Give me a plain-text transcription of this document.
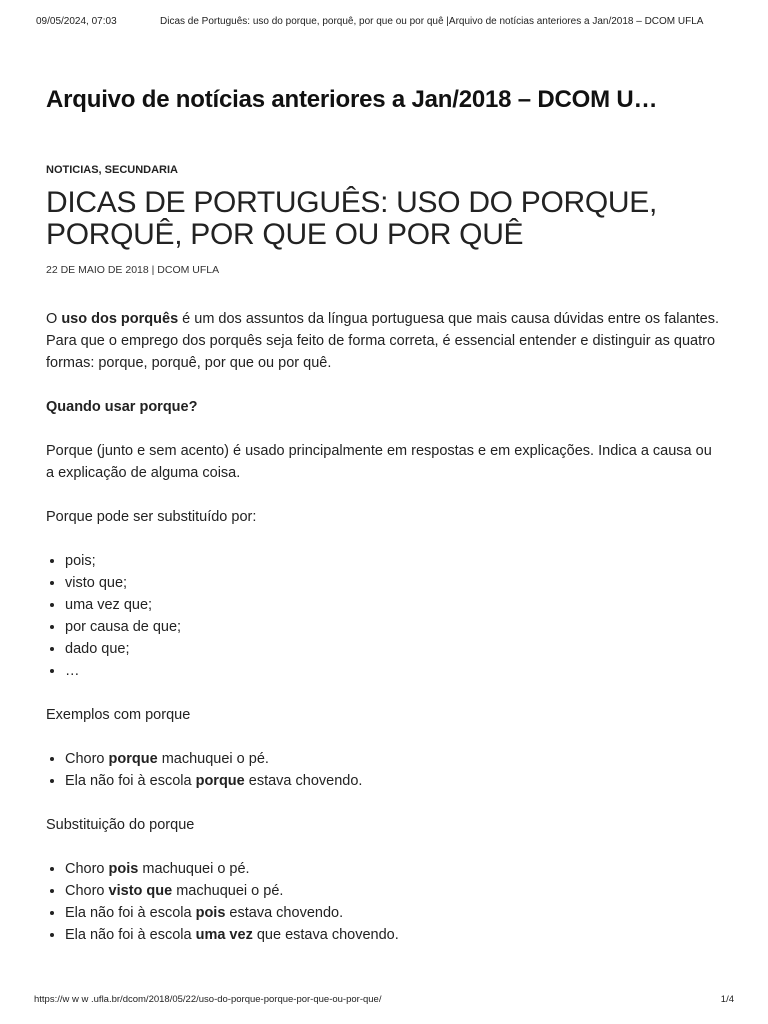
09/05/2024, 07:03	Dicas de Português: uso do porque, porquê, por que ou por quê |Arquivo de notícias anteriores a Jan/2018 – DCOM UFLA
Arquivo de notícias anteriores a Jan/2018 – DCOM U…
NOTICIAS, SECUNDARIA
DICAS DE PORTUGUÊS: USO DO PORQUE,
PORQUÊ, POR QUE OU POR QUÊ
22 DE MAIO DE 2018 | DCOM UFLA

O uso dos porquês é um dos assuntos da língua portuguesa que mais causa dúvidas entre os falantes. Para que o emprego dos porquês seja feito de forma correta, é essencial entender e distinguir as quatro formas: porque, porquê, por que ou por quê.

Quando usar porque?

Porque (junto e sem acento) é usado principalmente em respostas e em explicações. Indica a causa ou a explicação de alguma coisa.

Porque pode ser substituído por:

• pois;
• visto que;
• uma vez que;
• por causa de que;
• dado que;
• …

Exemplos com porque

• Choro porque machuquei o pé.
• Ela não foi à escola porque estava chovendo.

Substituição do porque

• Choro pois machuquei o pé.
• Choro visto que machuquei o pé.
• Ela não foi à escola pois estava chovendo.
• Ela não foi à escola uma vez que estava chovendo.
https://w w w .ufla.br/dcom/2018/05/22/uso-do-porque-porque-por-que-ou-por-que/	1/4
